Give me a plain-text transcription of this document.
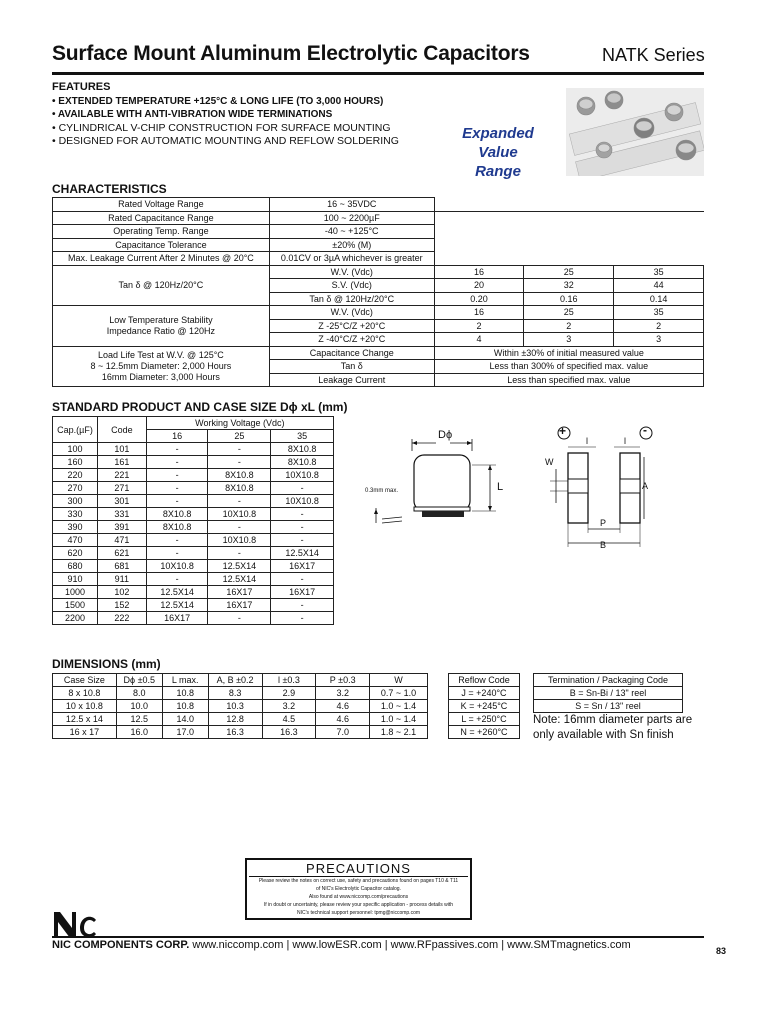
Surface Mount Aluminum Electrolytic Capacitors	NATK Series
FEATURES
• EXTENDED TEMPERATURE +125°C & LONG LIFE (TO 3,000 HOURS)
• AVAILABLE WITH ANTI-VIBRATION WIDE TERMINATIONS
• CYLINDRICAL V-CHIP CONSTRUCTION FOR SURFACE MOUNTING
• DESIGNED FOR AUTOMATIC MOUNTING AND REFLOW SOLDERING	Expanded
Value
Range
CHARACTERISTICS
Rated Voltage Range	16 ~ 35VDC			
Rated Capacitance Range	100 ~ 2200µF			
Operating Temp. Range	-40 ~ +125°C			
Capacitance Tolerance	±20% (M)			
Max. Leakage Current After 2 Minutes @ 20°C	0.01CV or 3µA whichever is greater			
Tan δ @ 120Hz/20°C	W.V. (Vdc)	16	25	35
	S.V. (Vdc)	20	32	44
	Tan δ @ 120Hz/20°C	0.20	0.16	0.14

Low Temperature Stability
Impedance Ratio @ 120Hz	W.V. (Vdc)	16	25	35
	Z -25°C/Z +20°C	2	2	2
	Z -40°C/Z +20°C	4	3	3

Load Life Test at W.V. @ 125°C
8 ~ 12.5mm Diameter: 2,000 Hours
16mm Diameter: 3,000 Hours	Capacitance Change	Within ±30% of initial measured value		
	Tan δ	Less than 300% of specified max. value		
	Leakage Current	Less than specified max. value		
STANDARD PRODUCT AND CASE SIZE Dϕ xL (mm)
Cap.(µF)	Code	Working Voltage (Vdc)		
		16	25	35
100	101	-	-	8X10.8
160	161	-	-	8X10.8
220	221	-	8X10.8	10X10.8
270	271	-	8X10.8	-
300	301	-	-	10X10.8
330	331	8X10.8	10X10.8	-
390	391	8X10.8	-	-
470	471	-	10X10.8	-
620	621	-	-	12.5X14
680	681	10X10.8	12.5X14	16X17
910	911	-	12.5X14	-
1000	102	12.5X14	16X17	16X17
1500	152	12.5X14	16X17	-
2200	222	16X17	-	-
Dϕ
L
0.3mm max.
+	-
l	l
W
A
P
B
DIMENSIONS (mm)
Case Size	Dϕ ±0.5	L max.	A, B ±0.2	l ±0.3	P ±0.3	W
8 x 10.8	8.0	10.8	8.3	2.9	3.2	0.7 ~ 1.0
10 x 10.8	10.0	10.8	10.3	3.2	4.6	1.0 ~ 1.4
12.5 x 14	12.5	14.0	12.8	4.5	4.6	1.0 ~ 1.4
16 x 17	16.0	17.0	16.3	16.3	7.0	1.8 ~ 2.1
Reflow Code
J = +240°C
K = +245°C
L = +250°C
N = +260°C
Termination / Packaging Code
B = Sn-Bi / 13" reel
S = Sn / 13" reel
Note: 16mm diameter parts are
only available with Sn finish
PRECAUTIONS
Please review the notes on correct use, safety and precautions found on pages T10 & T11
of NIC's Electrolytic Capacitor catalog.
Also found at www.niccomp.com/precautions
If in doubt or uncertainty, please review your specific application - process details with
NIC's technical support personnel: tpmg@niccomp.com
NIC COMPONENTS CORP. www.niccomp.com | www.lowESR.com | www.RFpassives.com | www.SMTmagnetics.com	83
